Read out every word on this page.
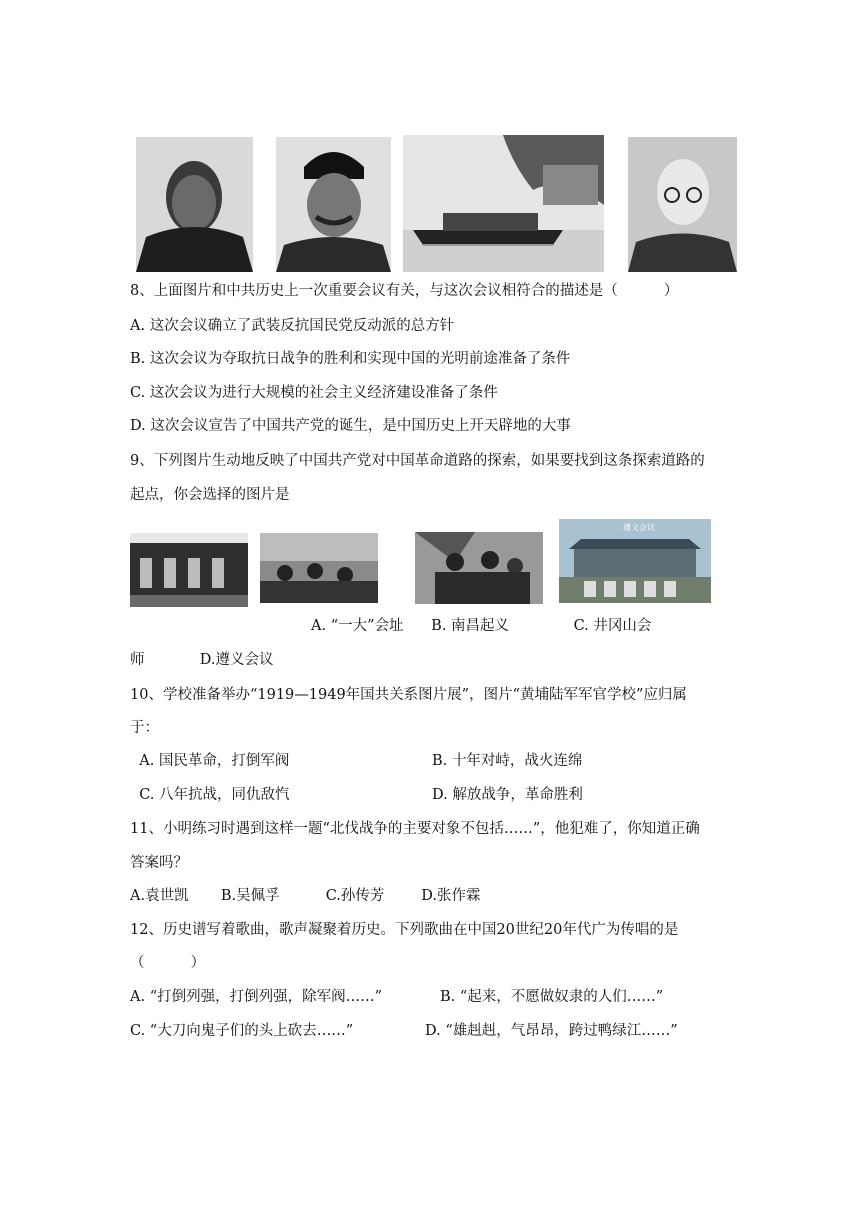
8、上面图片和中共历史上一次重要会议有关，与这次会议相符合的描述是（          ）
A. 这次会议确立了武装反抗国民党反动派的总方针
B. 这次会议为夺取抗日战争的胜利和实现中国的光明前途准备了条件
C. 这次会议为进行大规模的社会主义经济建设准备了条件
D. 这次会议宣告了中国共产党的诞生，是中国历史上开天辟地的大事
9、下列图片生动地反映了中国共产党对中国革命道路的探索，如果要找到这条探索道路的
起点，你会选择的图片是
遵义会议
A. “一大”会址      B. 南昌起义              C. 井冈山会
师            D.遵义会议
10、学校准备举办“1919—1949年国共关系图片展”，图片“黄埔陆军军官学校”应归属
于：
A. 国民革命，打倒军阀	B. 十年对峙，战火连绵
C. 八年抗战，同仇敌忾	D. 解放战争，革命胜利
11、小明练习时遇到这样一题“北伐战争的主要对象不包括……”，他犯难了，你知道正确
答案吗？
A.袁世凯       B.吴佩孚          C.孙传芳        D.张作霖
12、历史谱写着歌曲，歌声凝聚着历史。下列歌曲在中国20世纪20年代广为传唱的是
（          ）
A. “打倒列强，打倒列强，除军阀……”	B. “起来，不愿做奴隶的人们……”
C. “大刀向鬼子们的头上砍去……”	D. “雄赳赳，气昂昂，跨过鸭绿江……”
